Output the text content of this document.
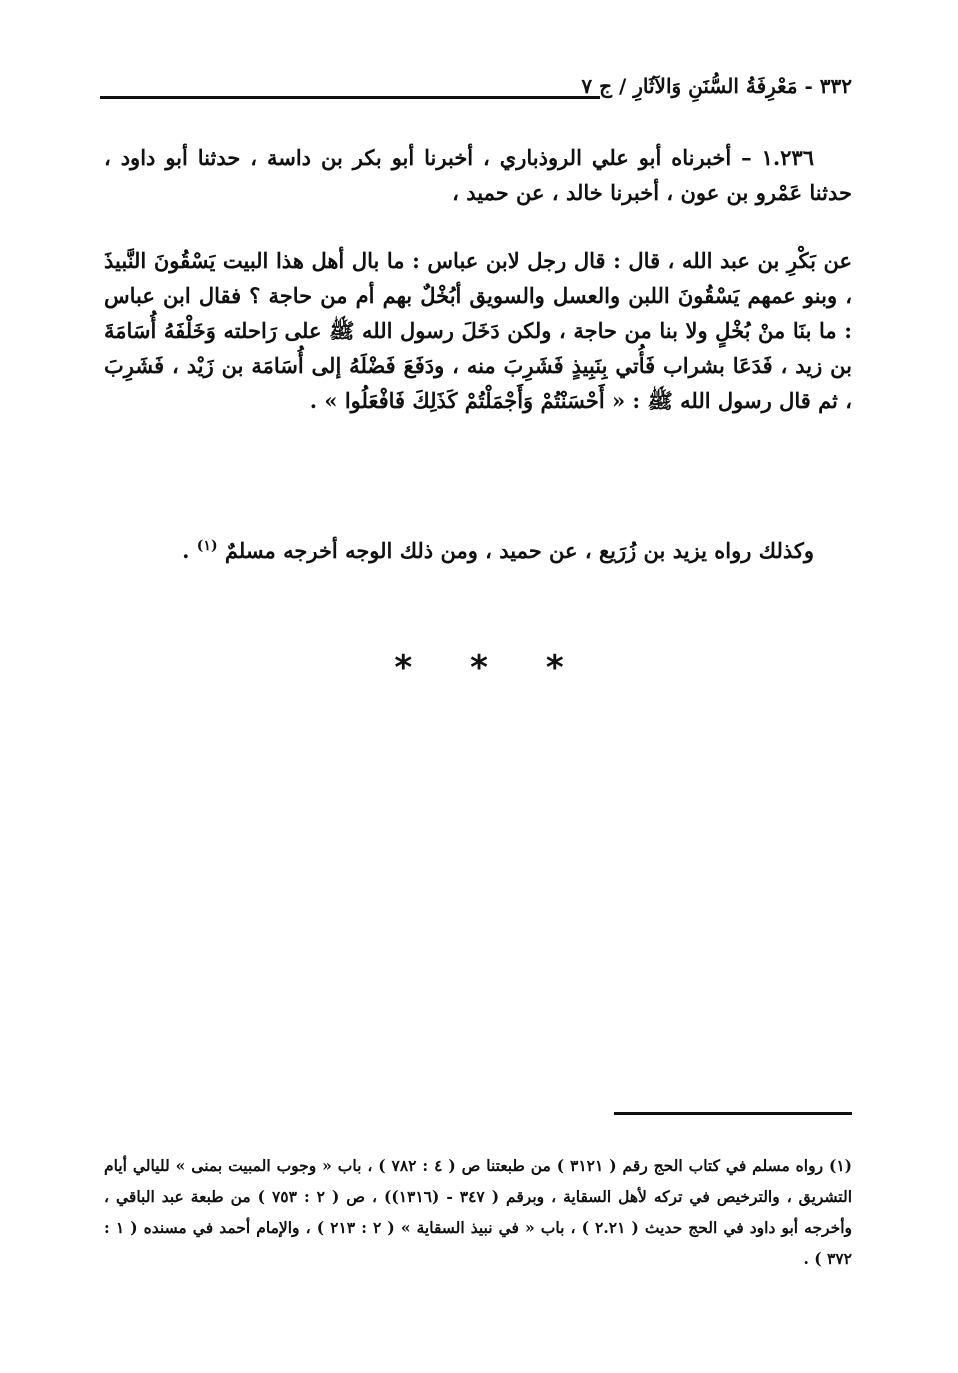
٣٣٢ - مَعْرِفَةُ السُّنَنِ وَالآثَارِ / ج ٧
١.٢٣٦ – أخبرناه أبو علي الروذباري ، أخبرنا أبو بكر بن داسة ، حدثنا أبو داود ، حدثنا عَمْرو بن عون ، أخبرنا خالد ، عن حميد ،
عن بَكْرِ بن عبد الله ، قال : قال رجل لابن عباس : ما بال أهل هذا البيت يَسْقُونَ النَّبيذَ ، وبنو عمهم يَسْقُونَ اللبن والعسل والسويق أبُخْلٌ بهم أم من حاجة ؟ فقال ابن عباس : ما بنَا منْ بُخْلٍ ولا بنا من حاجة ، ولكن دَخَلَ رسول الله ﷺ على رَاحلته وَخَلْفَهُ أُسَامَةَ بن زيد ، فَدَعَا بشراب فَأُتي بِنَبِيذٍ فَشَرِبَ منه ، ودَفَعَ فَضْلَهُ إلى أُسَامَة بن زَيْد ، فَشَرِبَ ، ثم قال رسول الله ﷺ : « أَحْسَنْتُمْ وَأَجْمَلْتُمْ كَذَلِكَ فَافْعَلُوا » .
وكذلك رواه يزيد بن زُرَيع ، عن حميد ، ومن ذلك الوجه أخرجه مسلمٌ $^{(١)}$ .
***
(١) رواه مسلم في كتاب الحج رقم ( ٣١٢١ ) من طبعتنا ص ( ٤ : ٧٨٢ ) ، باب « وجوب المبيت بمنى » لليالي أيام التشريق ، والترخيص في تركه لأهل السقاية ، وبرقم ( ٣٤٧ - (١٣١٦)) ، ص ( ٢ : ٧٥٣ ) من طبعة عبد الباقي ، وأخرجه أبو داود في الحج حديث ( ٢.٢١ ) ، باب « في نبيذ السقاية » ( ٢ : ٢١٣ ) ، والإمام أحمد في مسنده ( ١ : ٣٧٢ ) .
